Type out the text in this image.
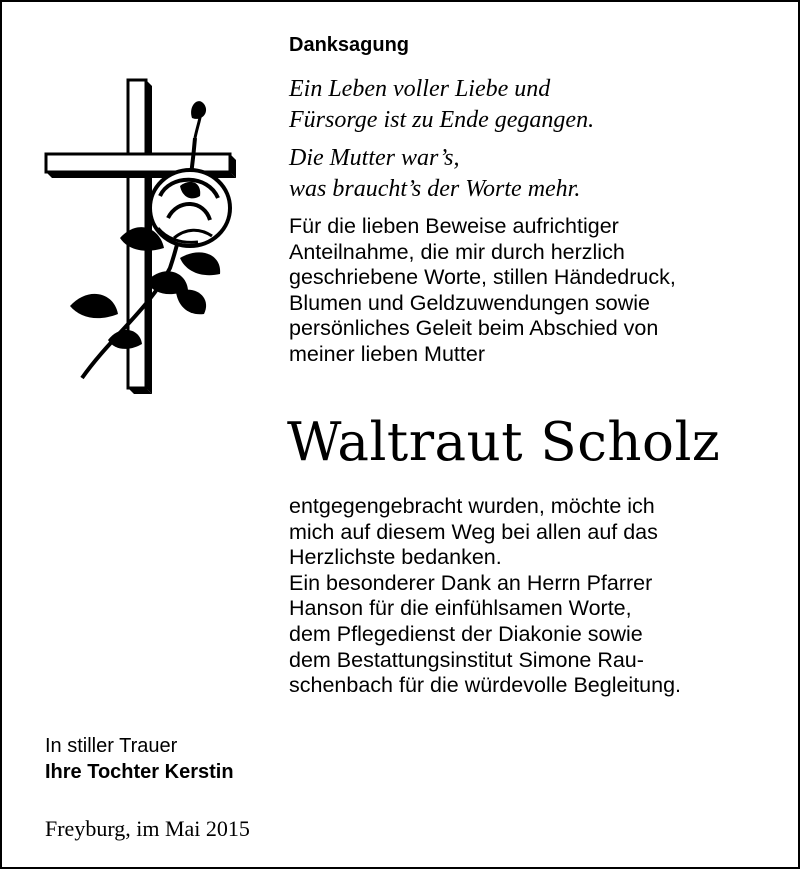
Danksagung
Ein Leben voller Liebe und
Fürsorge ist zu Ende gegangen.
Die Mutter war’s,
was braucht’s der Worte mehr.
Für die lieben Beweise aufrichtiger
Anteilnahme, die mir durch herzlich
geschriebene Worte, stillen Händedruck,
Blumen und Geldzuwendungen sowie
persönliches Geleit beim Abschied von
meiner lieben Mutter
Waltraut Scholz
entgegengebracht wurden, möchte ich
mich auf diesem Weg bei allen auf das
Herzlichste bedanken.
Ein besonderer Dank an Herrn Pfarrer
Hanson für die einfühlsamen Worte,
dem Pflegedienst der Diakonie sowie
dem Bestattungsinstitut Simone Rau-
schenbach für die würdevolle Begleitung.
In stiller Trauer
Ihre Tochter Kerstin
Freyburg, im Mai 2015
